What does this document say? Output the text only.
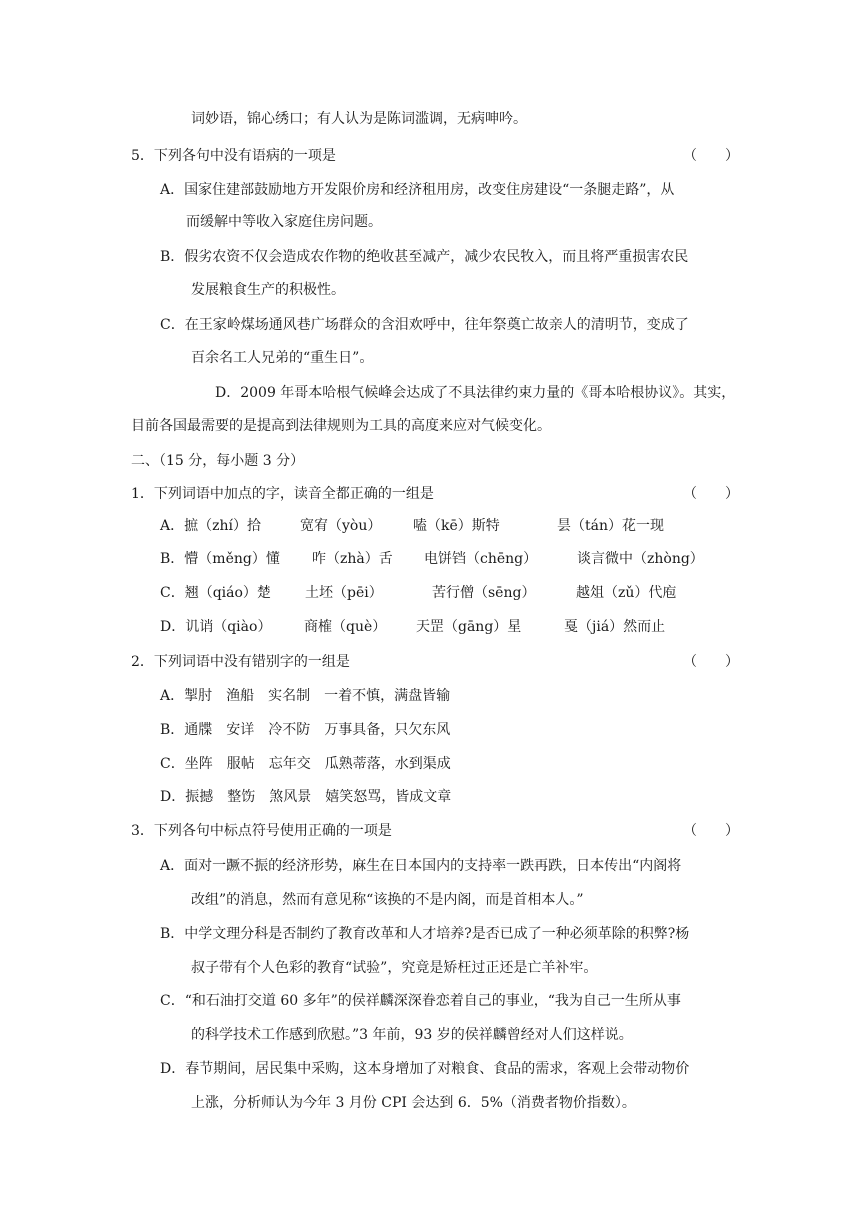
词妙语，锦心绣口；有人认为是陈词滥调，无病呻吟。
5．下列各句中没有语病的一项是	（　　）
A．国家住建部鼓励地方开发限价房和经济租用房，改变住房建设“一条腿走路”，从
而缓解中等收入家庭住房问题。
B．假劣农资不仅会造成农作物的绝收甚至减产，减少农民牧入，而且将严重损害农民
发展粮食生产的积极性。
C．在王家岭煤场通风巷广场群众的含泪欢呼中，往年祭奠亡故亲人的清明节，变成了
百余名工人兄弟的“重生日”。
D．2009 年哥本哈根气候峰会达成了不具法律约束力量的《哥本哈根协议》。其实，
目前各国最需要的是提高到法律规则为工具的高度来应对气候变化。
二、（15 分，每小题 3 分）
1．下列词语中加点的字，读音全都正确的一组是	（　　）
A．摭（zhí）拾	宽宥（yòu） 嗑（kē）斯特	昙（tán）花一现
B．懵（měng）懂 咋（zhà）舌 电饼铛（chēng）	谈言微中（zhòng）
C．翘（qiáo）楚 土坯（pēi）	苦行僧（sēng）	越俎（zǔ）代庖
D．讥诮（qiào） 商榷（què） 天罡（gāng）星	戛（jiá）然而止
2．下列词语中没有错别字的一组是	（　　）
A．掣肘　渔船　实名制　一着不慎，满盘皆输
B．通牒　安详　冷不防　万事具备，只欠东风
C．坐阵　服帖　忘年交　瓜熟蒂落，水到渠成
D．振撼　整饬　煞风景　嬉笑怒骂，皆成文章
3．下列各句中标点符号使用正确的一项是	（　　）
A．面对一蹶不振的经济形势，麻生在日本国内的支持率一跌再跌，日本传出“内阁将
改组”的消息，然而有意见称“该换的不是内阁，而是首相本人。”
B．中学文理分科是否制约了教育改革和人才培养?是否已成了一种必须革除的积弊?杨
叔子带有个人色彩的教育“试验”，究竟是矫枉过正还是亡羊补牢。
C．“和石油打交道 60 多年”的侯祥麟深深眷恋着自己的事业，“我为自己一生所从事
的科学技术工作感到欣慰。”3 年前，93 岁的侯祥麟曾经对人们这样说。
D．春节期间，居民集中采购，这本身增加了对粮食、食品的需求，客观上会带动物价
上涨，分析师认为今年 3 月份 CPI 会达到 6．5%（消费者物价指数）。
